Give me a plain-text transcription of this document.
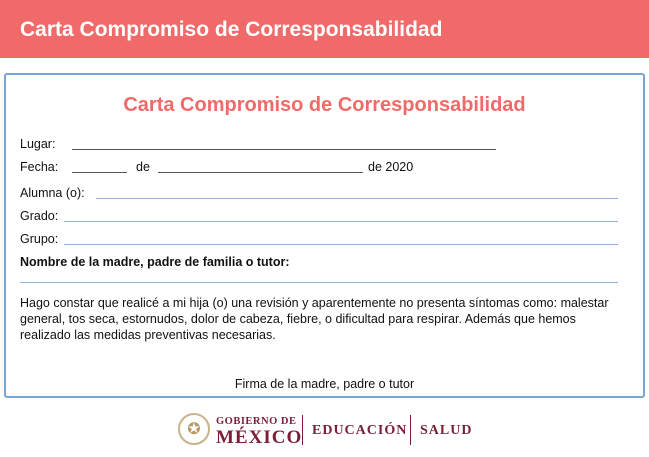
Carta Compromiso de Corresponsabilidad
Carta Compromiso de Corresponsabilidad
Lugar:
Fecha:	de	de 2020
Alumna (o):
Grado:
Grupo:
Nombre de la madre, padre de familia o tutor:
Hago constar que realicé a mi hija (o) una revisión y aparentemente no presenta síntomas como: malestar general, tos seca, estornudos, dolor de cabeza, fiebre, o dificultad para respirar. Además que hemos realizado las medidas preventivas necesarias.
Firma de la madre, padre o tutor
✪	GOBIERNO DE
MÉXICO EDUCACIÓN SALUD
